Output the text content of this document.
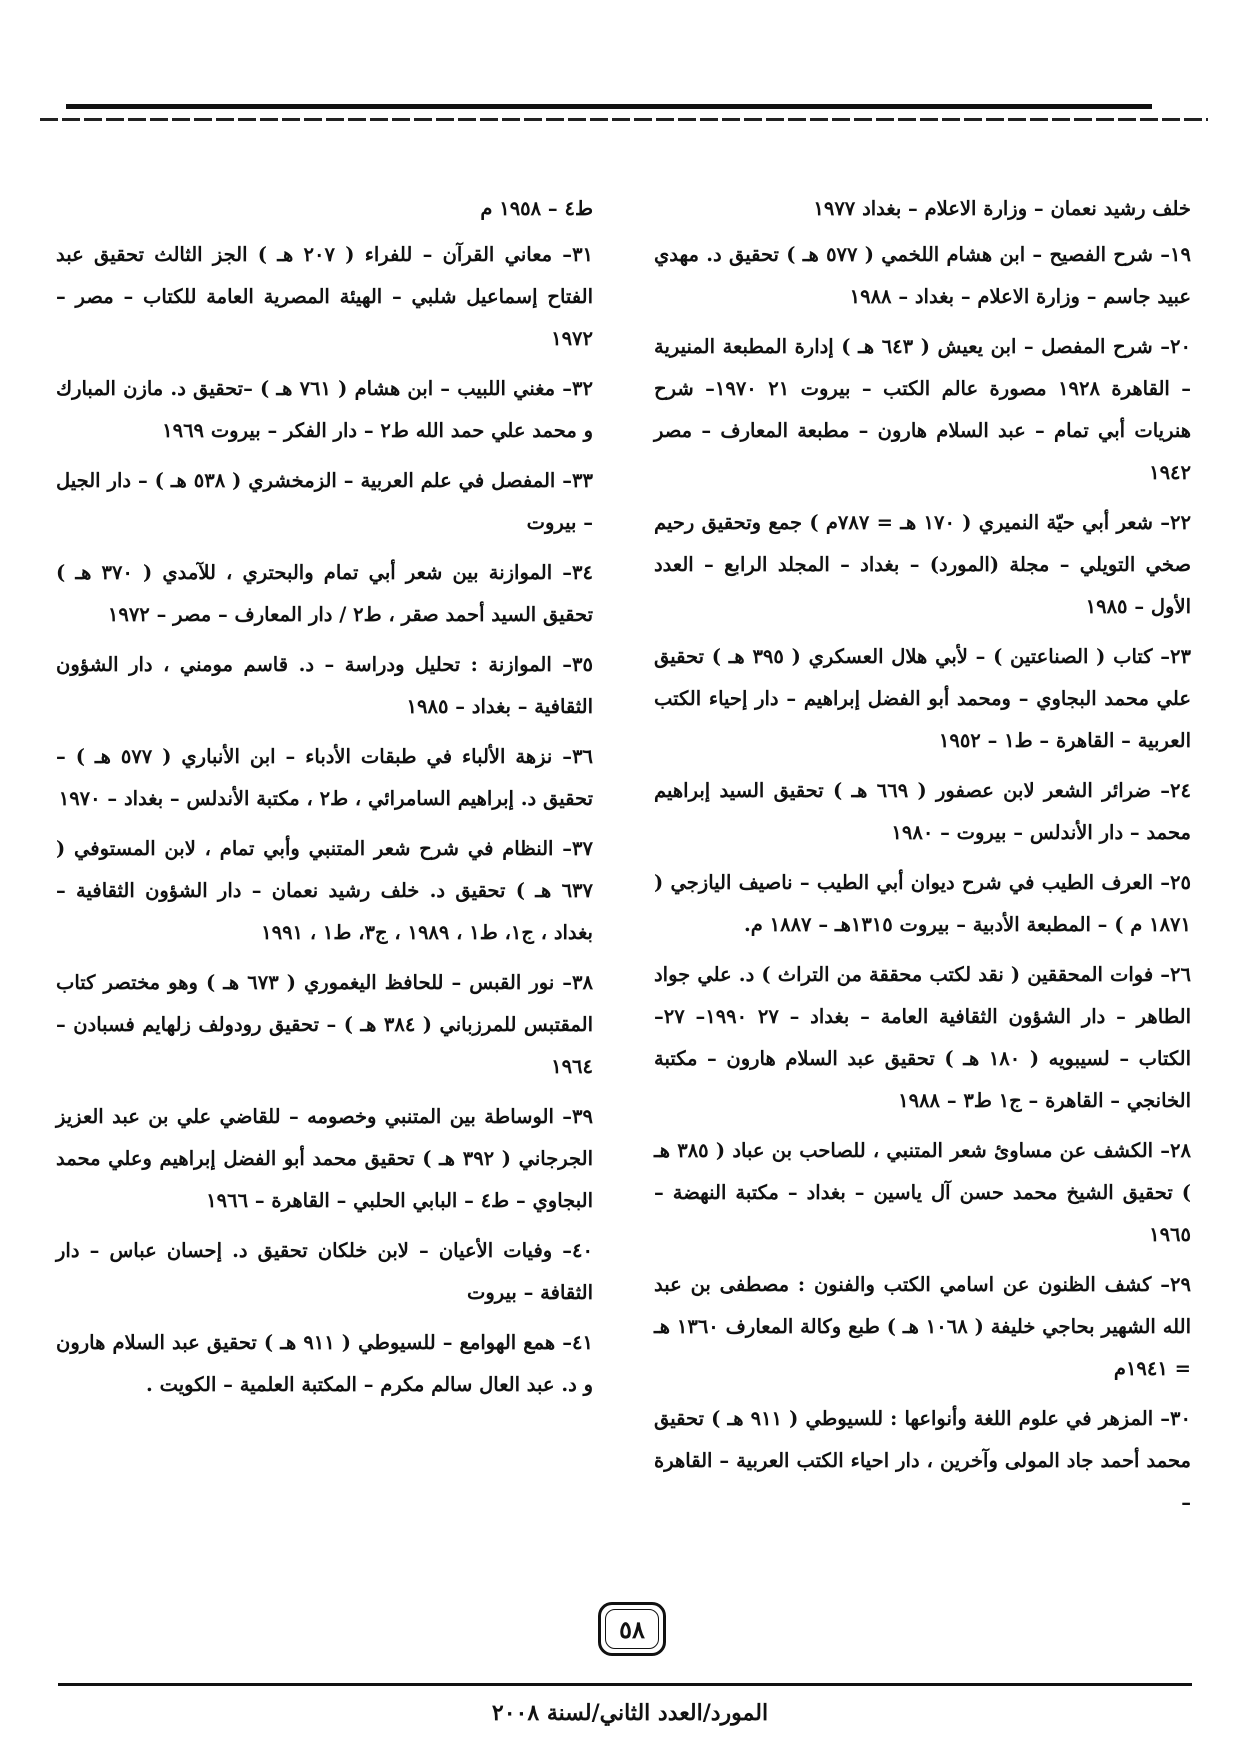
خلف رشيد نعمان – وزارة الاعلام – بغداد ١٩٧٧

١٩– شرح الفصيح – ابن هشام اللخمي ( ٥٧٧ هـ ) تحقيق د. مهدي عبيد جاسم – وزارة الاعلام – بغداد – ١٩٨٨

٢٠– شرح المفصل – ابن يعيش ( ٦٤٣ هـ ) إدارة المطبعة المنيرية – القاهرة ١٩٢٨ مصورة عالم الكتب – بيروت ٢١ ١٩٧٠– شرح هنريات أبي تمام – عبد السلام هارون – مطبعة المعارف – مصر ١٩٤٢

٢٢– شعر أبي حيّة النميري ( ١٧٠ هـ = ٧٨٧م ) جمع وتحقيق رحيم صخي التويلي – مجلة (المورد) – بغداد – المجلد الرابع – العدد الأول – ١٩٨٥

٢٣– كتاب ( الصناعتين ) – لأبي هلال العسكري ( ٣٩٥ هـ ) تحقيق علي محمد البجاوي – ومحمد أبو الفضل إبراهيم – دار إحياء الكتب العربية – القاهرة – ط١ – ١٩٥٢

٢٤– ضرائر الشعر لابن عصفور ( ٦٦٩ هـ ) تحقيق السيد إبراهيم محمد – دار الأندلس – بيروت – ١٩٨٠

٢٥– العرف الطيب في شرح ديوان أبي الطيب – ناصيف اليازجي ( ١٨٧١ م ) – المطبعة الأدبية – بيروت ١٣١٥هـ – ١٨٨٧ م.

٢٦– فوات المحققين ( نقد لكتب محققة من التراث ) د. علي جواد الطاهر – دار الشؤون الثقافية العامة – بغداد – ٢٧ ١٩٩٠– ٢٧– الكتاب – لسيبويه ( ١٨٠ هـ ) تحقيق عبد السلام هارون – مكتبة الخانجي – القاهرة – ج١ ط٣ – ١٩٨٨

٢٨– الكشف عن مساوئ شعر المتنبي ، للصاحب بن عباد ( ٣٨٥ هـ ) تحقيق الشيخ محمد حسن آل ياسين – بغداد – مكتبة النهضة – ١٩٦٥

٢٩– كشف الظنون عن اسامي الكتب والفنون : مصطفى بن عبد الله الشهير بحاجي خليفة ( ١٠٦٨ هـ ) طبع وكالة المعارف ١٣٦٠ هـ = ١٩٤١م

٣٠– المزهر في علوم اللغة وأنواعها : للسيوطي ( ٩١١ هـ ) تحقيق محمد أحمد جاد المولى وآخرين ، دار احياء الكتب العربية – القاهرة –

ط٤ – ١٩٥٨ م

٣١– معاني القرآن – للفراء ( ٢٠٧ هـ ) الجز الثالث تحقيق عبد الفتاح إسماعيل شلبي – الهيئة المصرية العامة للكتاب – مصر – ١٩٧٢

٣٢– مغني اللبيب – ابن هشام ( ٧٦١ هـ ) –تحقيق د. مازن المبارك و محمد علي حمد الله ط٢ – دار الفكر – بيروت ١٩٦٩

٣٣– المفصل في علم العربية – الزمخشري ( ٥٣٨ هـ ) – دار الجيل – بيروت

٣٤– الموازنة بين شعر أبي تمام والبحتري ، للآمدي ( ٣٧٠ هـ ) تحقيق السيد أحمد صقر ، ط٢ / دار المعارف – مصر – ١٩٧٢

٣٥– الموازنة : تحليل ودراسة – د. قاسم مومني ، دار الشؤون الثقافية – بغداد – ١٩٨٥

٣٦– نزهة الألباء في طبقات الأدباء – ابن الأنباري ( ٥٧٧ هـ ) – تحقيق د. إبراهيم السامرائي ، ط٢ ، مكتبة الأندلس – بغداد – ١٩٧٠

٣٧– النظام في شرح شعر المتنبي وأبي تمام ، لابن المستوفي ( ٦٣٧ هـ ) تحقيق د. خلف رشيد نعمان – دار الشؤون الثقافية – بغداد ، ج١، ط١ ، ١٩٨٩ ، ج٣، ط١ ، ١٩٩١

٣٨– نور القبس – للحافظ اليغموري ( ٦٧٣ هـ ) وهو مختصر كتاب المقتبس للمرزباني ( ٣٨٤ هـ ) – تحقيق رودولف زلهايم فسبادن – ١٩٦٤

٣٩– الوساطة بين المتنبي وخصومه – للقاضي علي بن عبد العزيز الجرجاني ( ٣٩٢ هـ ) تحقيق محمد أبو الفضل إبراهيم وعلي محمد البجاوي – ط٤ – البابي الحلبي – القاهرة – ١٩٦٦

٤٠– وفيات الأعيان – لابن خلكان تحقيق د. إحسان عباس – دار الثقافة – بيروت

٤١– همع الهوامع – للسيوطي ( ٩١١ هـ ) تحقيق عبد السلام هارون و د. عبد العال سالم مكرم – المكتبة العلمية – الكويت .

٥٨
المورد/العدد الثاني/لسنة ٢٠٠٨
